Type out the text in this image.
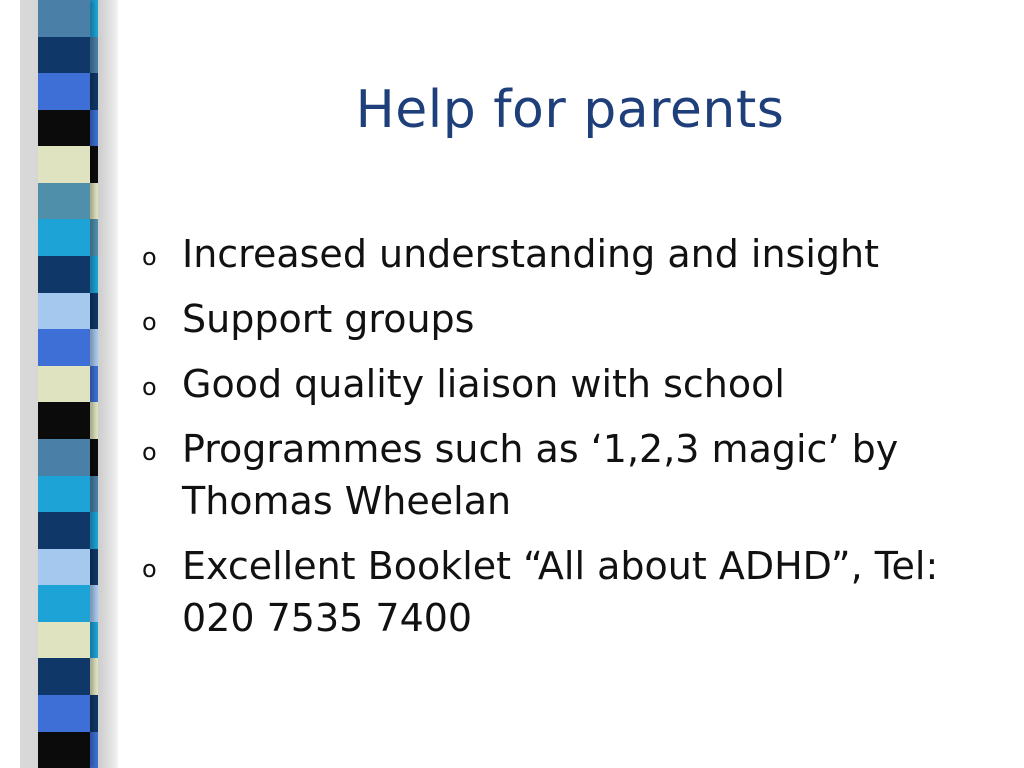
Help for parents
o Increased understanding and insight
o Support groups
o Good quality liaison with school
o Programmes such as ‘1,2,3 magic’ by Thomas Wheelan
o Excellent Booklet “All about ADHD”, Tel: 020 7535 7400
